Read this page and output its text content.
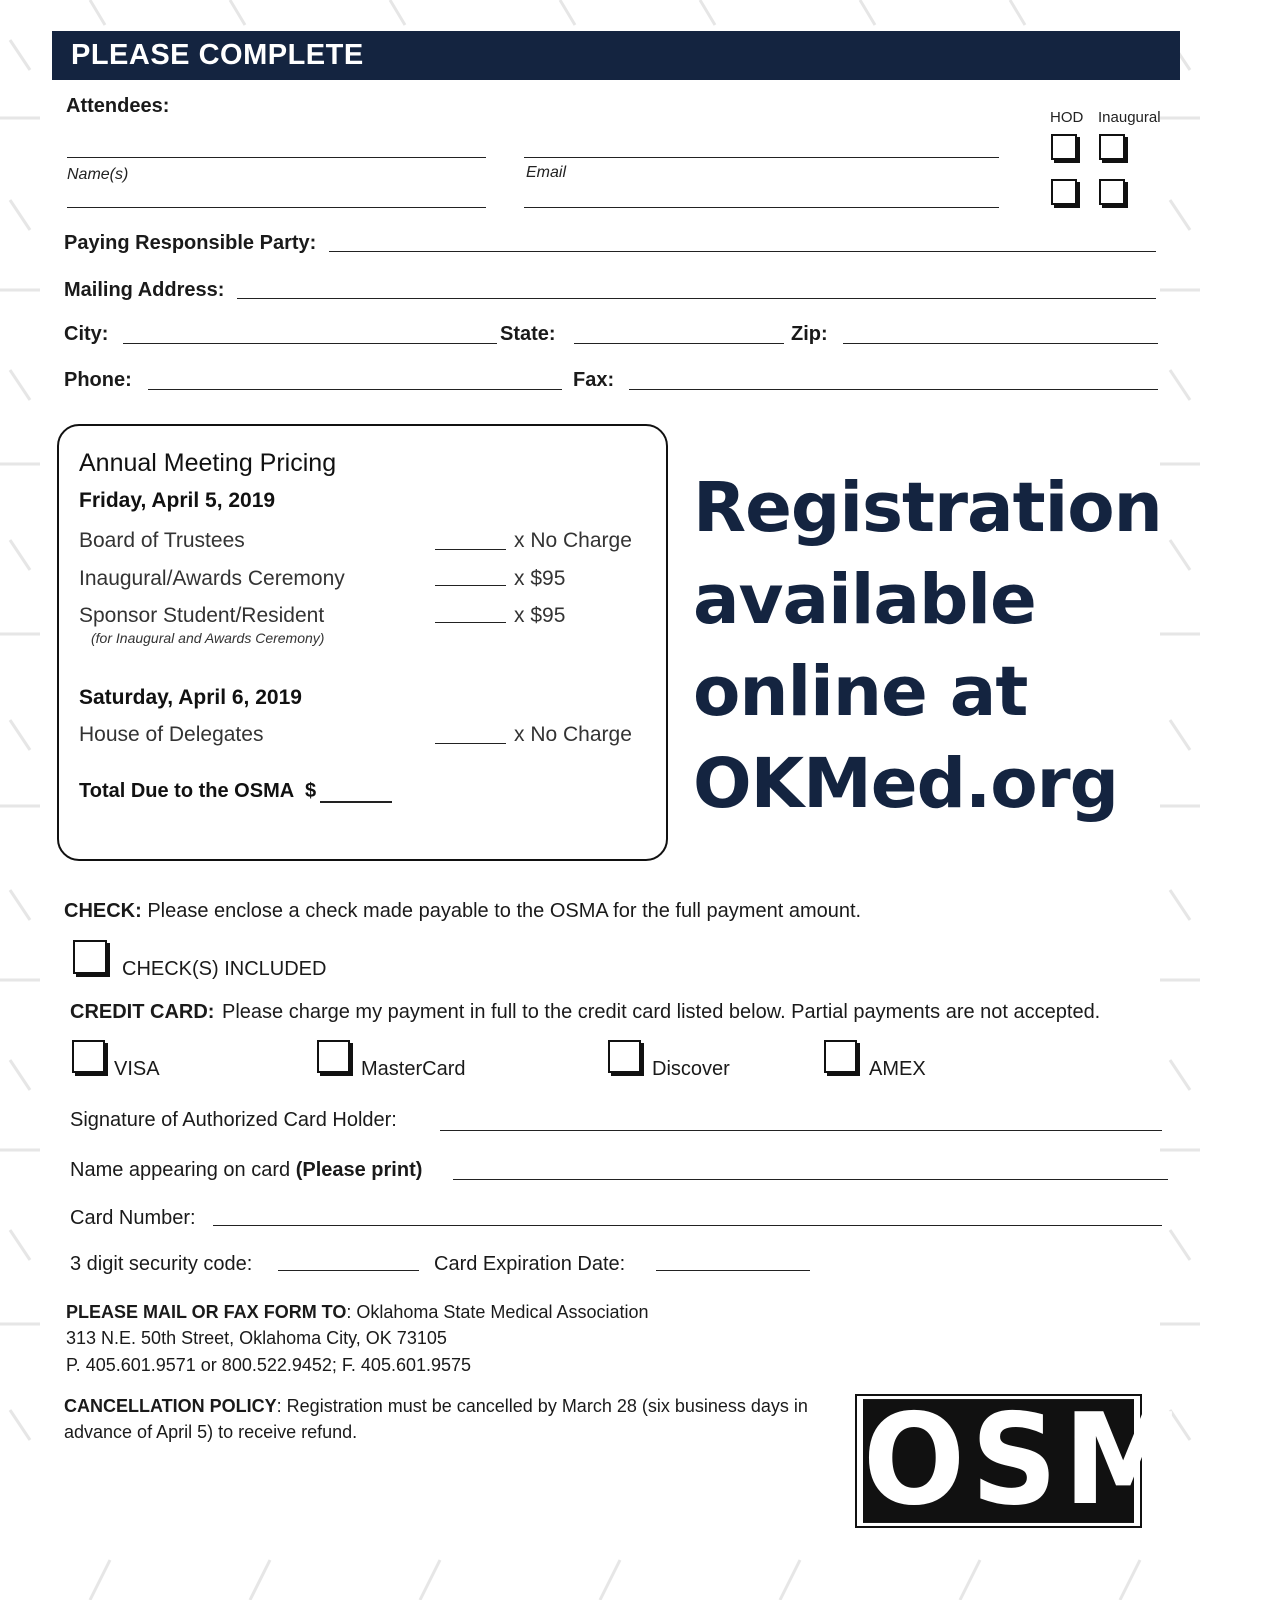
PLEASE COMPLETE
Attendees:
HOD Inaugural
Name(s)	Email
Paying Responsible Party:
Mailing Address:
City:	State:	Zip:
Phone:	Fax:
Annual Meeting Pricing
Friday, April 5, 2019
Board of Trustees	x No Charge
Inaugural/Awards Ceremony	x $95
Sponsor Student/Resident	x $95
(for Inaugural and Awards Ceremony)
Saturday, April 6, 2019
House of Delegates	x No Charge
Total Due to the OSMA $
Registration
available
online at
OKMed.org
CHECK: Please enclose a check made payable to the OSMA for the full payment amount.
CHECK(S) INCLUDED
CREDIT CARD: Please charge my payment in full to the credit card listed below. Partial payments are not accepted.
VISA	MasterCard	Discover	AMEX
Signature of Authorized Card Holder:
Name appearing on card (Please print)
Card Number:
3 digit security code:	Card Expiration Date:
PLEASE MAIL OR FAX FORM TO: Oklahoma State Medical Association
313 N.E. 50th Street, Oklahoma City, OK 73105
P. 405.601.9571 or 800.522.9452; F. 405.601.9575
CANCELLATION POLICY: Registration must be cancelled by March 28 (six business days in
advance of April 5) to receive refund.	OSMA
